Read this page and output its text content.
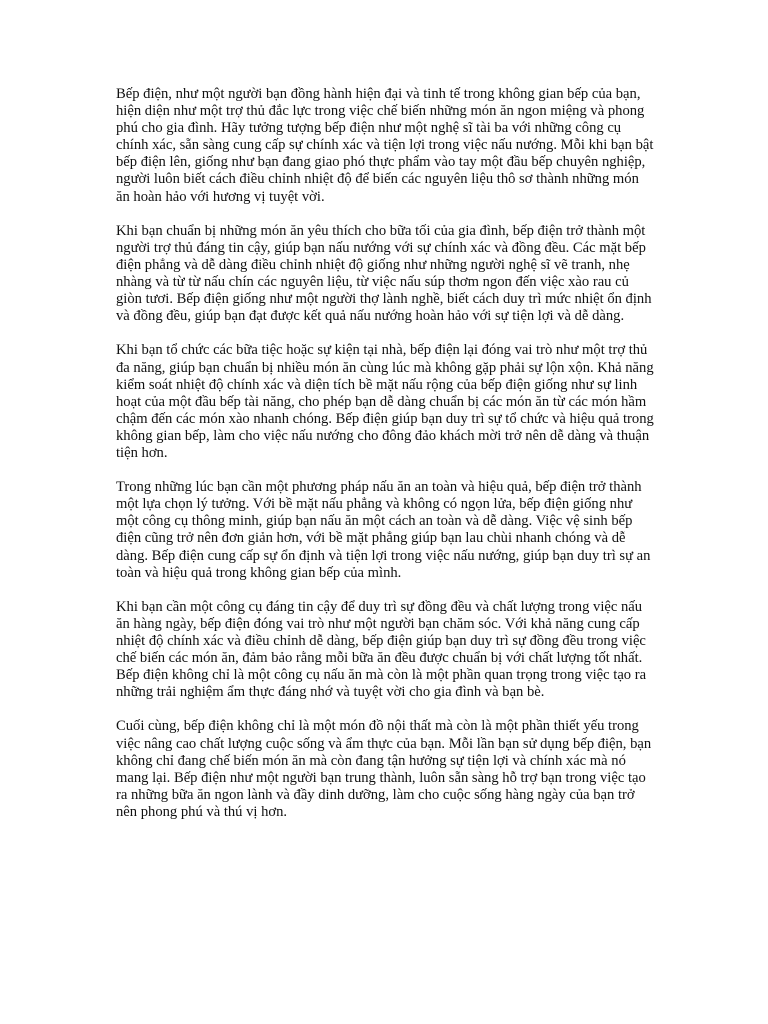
Bếp điện, như một người bạn đồng hành hiện đại và tinh tế trong không gian bếp của bạn, hiện diện như một trợ thủ đắc lực trong việc chế biến những món ăn ngon miệng và phong phú cho gia đình. Hãy tưởng tượng bếp điện như một nghệ sĩ tài ba với những công cụ chính xác, sẵn sàng cung cấp sự chính xác và tiện lợi trong việc nấu nướng. Mỗi khi bạn bật bếp điện lên, giống như bạn đang giao phó thực phẩm vào tay một đầu bếp chuyên nghiệp, người luôn biết cách điều chỉnh nhiệt độ để biến các nguyên liệu thô sơ thành những món ăn hoàn hảo với hương vị tuyệt vời.

Khi bạn chuẩn bị những món ăn yêu thích cho bữa tối của gia đình, bếp điện trở thành một người trợ thủ đáng tin cậy, giúp bạn nấu nướng với sự chính xác và đồng đều. Các mặt bếp điện phẳng và dễ dàng điều chỉnh nhiệt độ giống như những người nghệ sĩ vẽ tranh, nhẹ nhàng và từ từ nấu chín các nguyên liệu, từ việc nấu súp thơm ngon đến việc xào rau củ giòn tươi. Bếp điện giống như một người thợ lành nghề, biết cách duy trì mức nhiệt ổn định và đồng đều, giúp bạn đạt được kết quả nấu nướng hoàn hảo với sự tiện lợi và dễ dàng.

Khi bạn tổ chức các bữa tiệc hoặc sự kiện tại nhà, bếp điện lại đóng vai trò như một trợ thủ đa năng, giúp bạn chuẩn bị nhiều món ăn cùng lúc mà không gặp phải sự lộn xộn. Khả năng kiểm soát nhiệt độ chính xác và diện tích bề mặt nấu rộng của bếp điện giống như sự linh hoạt của một đầu bếp tài năng, cho phép bạn dễ dàng chuẩn bị các món ăn từ các món hầm chậm đến các món xào nhanh chóng. Bếp điện giúp bạn duy trì sự tổ chức và hiệu quả trong không gian bếp, làm cho việc nấu nướng cho đông đảo khách mời trở nên dễ dàng và thuận tiện hơn.

Trong những lúc bạn cần một phương pháp nấu ăn an toàn và hiệu quả, bếp điện trở thành một lựa chọn lý tưởng. Với bề mặt nấu phẳng và không có ngọn lửa, bếp điện giống như một công cụ thông minh, giúp bạn nấu ăn một cách an toàn và dễ dàng. Việc vệ sinh bếp điện cũng trở nên đơn giản hơn, với bề mặt phẳng giúp bạn lau chùi nhanh chóng và dễ dàng. Bếp điện cung cấp sự ổn định và tiện lợi trong việc nấu nướng, giúp bạn duy trì sự an toàn và hiệu quả trong không gian bếp của mình.

Khi bạn cần một công cụ đáng tin cậy để duy trì sự đồng đều và chất lượng trong việc nấu ăn hàng ngày, bếp điện đóng vai trò như một người bạn chăm sóc. Với khả năng cung cấp nhiệt độ chính xác và điều chỉnh dễ dàng, bếp điện giúp bạn duy trì sự đồng đều trong việc chế biến các món ăn, đảm bảo rằng mỗi bữa ăn đều được chuẩn bị với chất lượng tốt nhất. Bếp điện không chỉ là một công cụ nấu ăn mà còn là một phần quan trọng trong việc tạo ra những trải nghiệm ẩm thực đáng nhớ và tuyệt vời cho gia đình và bạn bè.

Cuối cùng, bếp điện không chỉ là một món đồ nội thất mà còn là một phần thiết yếu trong việc nâng cao chất lượng cuộc sống và ẩm thực của bạn. Mỗi lần bạn sử dụng bếp điện, bạn không chỉ đang chế biến món ăn mà còn đang tận hưởng sự tiện lợi và chính xác mà nó mang lại. Bếp điện như một người bạn trung thành, luôn sẵn sàng hỗ trợ bạn trong việc tạo ra những bữa ăn ngon lành và đầy dinh dưỡng, làm cho cuộc sống hàng ngày của bạn trở nên phong phú và thú vị hơn.
